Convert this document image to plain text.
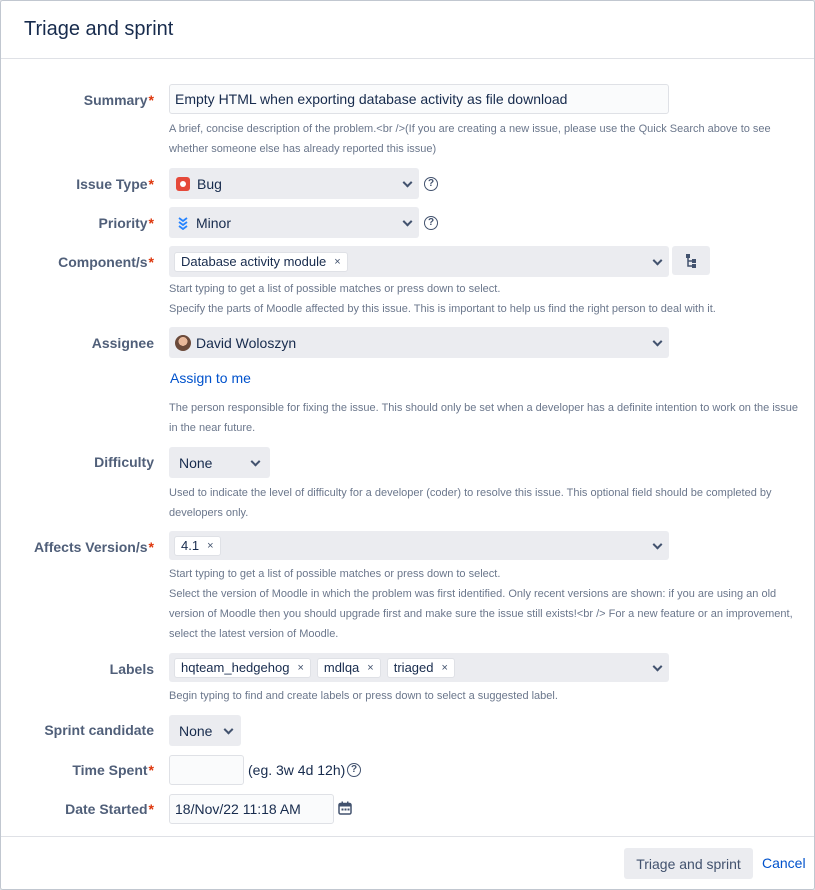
Triage and sprint
Summary*
Empty HTML when exporting database activity as file download
A brief, concise description of the problem.<br />(If you are creating a new issue, please use the Quick Search above to see whether someone else has already reported this issue)
Issue Type*	Bug	?
Priority*	Minor	?
Component/s* Database activity module ×
Start typing to get a list of possible matches or press down to select.
Specify the parts of Moodle affected by this issue. This is important to help us find the right person to deal with it.
Assignee	David Woloszyn
Assign to me
The person responsible for fixing the issue. This should only be set when a developer has a definite intention to work on the issue in the near future.
Difficulty None
Used to indicate the level of difficulty for a developer (coder) to resolve this issue. This optional field should be completed by developers only.
Affects Version/s* 4.1 ×
Start typing to get a list of possible matches or press down to select.
Select the version of Moodle in which the problem was first identified. Only recent versions are shown: if you are using an old version of Moodle then you should upgrade first and make sure the issue still exists!<br /> For a new feature or an improvement, select the latest version of Moodle.
Labels hqteam_hedgehog × mdlqa × triaged ×
Begin typing to find and create labels or press down to select a suggested label.
Sprint candidate None
Time Spent*	(eg. 3w 4d 12h) ?
Date Started*
18/Nov/22 11:18 AM
Triage and sprint	Cancel
